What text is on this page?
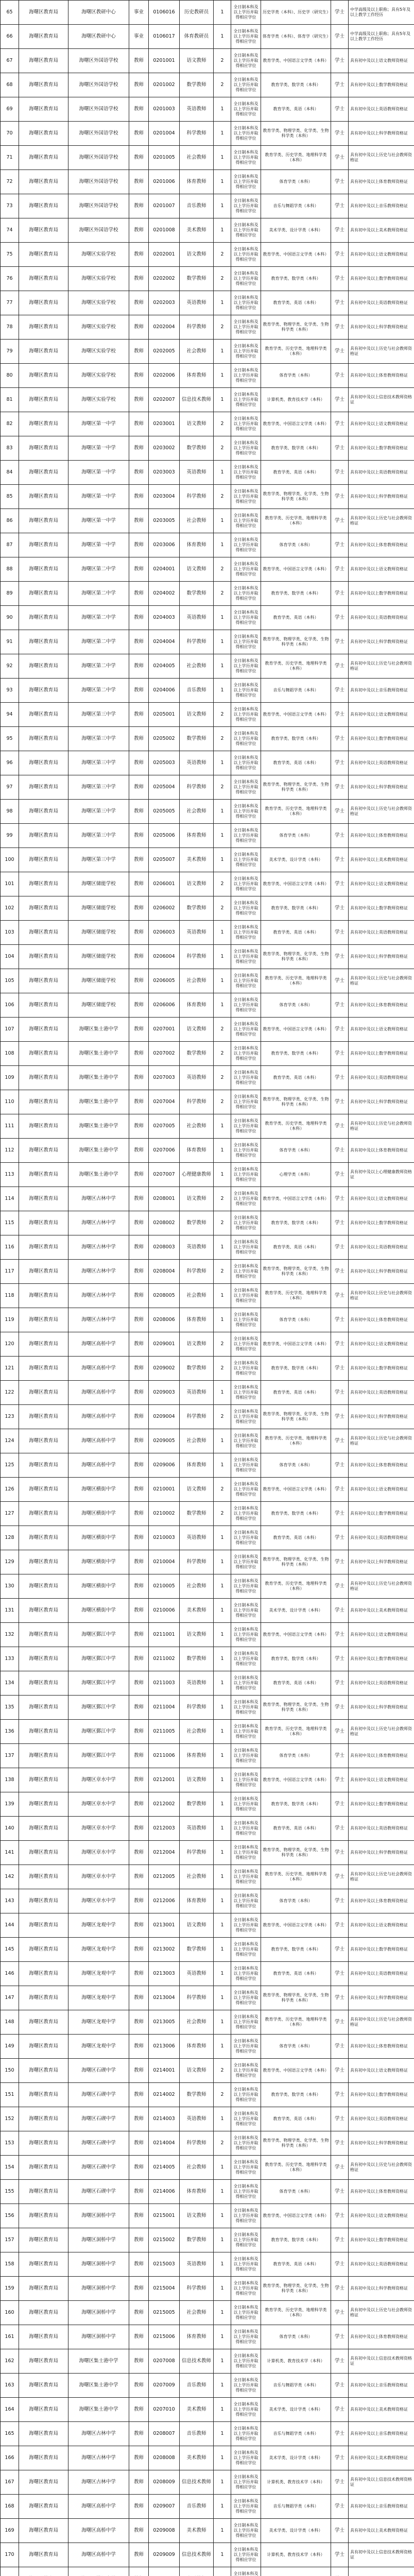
65	海曙区教育局	海曙区教研中心	事业	0106016	历史教研员	1	全日制本科及以上学历并取得相应学位	历史学类（本科）、历史学（研究生）	学士	中学高级及以上职称；具有5年及以上教学工作经历
66	海曙区教育局	海曙区教研中心	事业	0106017	体育教研员	1	全日制本科及以上学历并取得相应学位	体育学类（本科）、体育学（研究生）	学士	中学高级及以上职称；具有5年及以上教学工作经历
67	海曙区教育局	海曙区外国语学校	教师	0201001	语文教师	2	全日制本科及以上学历并取得相应学位	教育学类、中国语言文学类（本科）	学士	具有初中及以上语文教师资格证
68	海曙区教育局	海曙区外国语学校	教师	0201002	数学教师	2	全日制本科及以上学历并取得相应学位	教育学类、数学类（本科）	学士	具有初中及以上数学教师资格证
69	海曙区教育局	海曙区外国语学校	教师	0201003	英语教师	1	全日制本科及以上学历并取得相应学位	教育学类、英语（本科）	学士	具有初中及以上英语教师资格证
70	海曙区教育局	海曙区外国语学校	教师	0201004	科学教师	1	全日制本科及以上学历并取得相应学位	教育学类、物理学类、化学类、生物科学类（本科）	学士	具有初中及以上科学教师资格证
71	海曙区教育局	海曙区外国语学校	教师	0201005	社会教师	1	全日制本科及以上学历并取得相应学位	教育学类、历史学类、地理科学类（本科）	学士	具有初中及以上历史与社会教师资格证
72	海曙区教育局	海曙区外国语学校	教师	0201006	体育教师	1	全日制本科及以上学历并取得相应学位	体育学类（本科）	学士	具有初中及以上体育教师资格证
73	海曙区教育局	海曙区外国语学校	教师	0201007	音乐教师	1	全日制本科及以上学历并取得相应学位	音乐与舞蹈学类（本科）	学士	具有初中及以上音乐教师资格证
74	海曙区教育局	海曙区外国语学校	教师	0201008	美术教师	1	全日制本科及以上学历并取得相应学位	美术学类、设计学类（本科）	学士	具有初中及以上美术教师资格证
75	海曙区教育局	海曙区实验学校	教师	0202001	语文教师	2	全日制本科及以上学历并取得相应学位	教育学类、中国语言文学类（本科）	学士	具有初中及以上语文教师资格证
76	海曙区教育局	海曙区实验学校	教师	0202002	数学教师	2	全日制本科及以上学历并取得相应学位	教育学类、数学类（本科）	学士	具有初中及以上数学教师资格证
77	海曙区教育局	海曙区实验学校	教师	0202003	英语教师	1	全日制本科及以上学历并取得相应学位	教育学类、英语（本科）	学士	具有初中及以上英语教师资格证
78	海曙区教育局	海曙区实验学校	教师	0202004	科学教师	2	全日制本科及以上学历并取得相应学位	教育学类、物理学类、化学类、生物科学类（本科）	学士	具有初中及以上科学教师资格证
79	海曙区教育局	海曙区实验学校	教师	0202005	社会教师	1	全日制本科及以上学历并取得相应学位	教育学类、历史学类、地理科学类（本科）	学士	具有初中及以上历史与社会教师资格证
80	海曙区教育局	海曙区实验学校	教师	0202006	体育教师	1	全日制本科及以上学历并取得相应学位	体育学类（本科）	学士	具有初中及以上体育教师资格证
81	海曙区教育局	海曙区实验学校	教师	0202007	信息技术教师	1	全日制本科及以上学历并取得相应学位	计算机类、教育技术学（本科）	学士	具有初中及以上信息技术教师资格证
82	海曙区教育局	海曙区第一中学	教师	0203001	语文教师	2	全日制本科及以上学历并取得相应学位	教育学类、中国语言文学类（本科）	学士	具有初中及以上语文教师资格证
83	海曙区教育局	海曙区第一中学	教师	0203002	数学教师	2	全日制本科及以上学历并取得相应学位	教育学类、数学类（本科）	学士	具有初中及以上数学教师资格证
84	海曙区教育局	海曙区第一中学	教师	0203003	英语教师	1	全日制本科及以上学历并取得相应学位	教育学类、英语（本科）	学士	具有初中及以上英语教师资格证
85	海曙区教育局	海曙区第一中学	教师	0203004	科学教师	2	全日制本科及以上学历并取得相应学位	教育学类、物理学类、化学类、生物科学类（本科）	学士	具有初中及以上科学教师资格证
86	海曙区教育局	海曙区第一中学	教师	0203005	社会教师	1	全日制本科及以上学历并取得相应学位	教育学类、历史学类、地理科学类（本科）	学士	具有初中及以上历史与社会教师资格证
87	海曙区教育局	海曙区第一中学	教师	0203006	体育教师	1	全日制本科及以上学历并取得相应学位	体育学类（本科）	学士	具有初中及以上体育教师资格证
88	海曙区教育局	海曙区第二中学	教师	0204001	语文教师	2	全日制本科及以上学历并取得相应学位	教育学类、中国语言文学类（本科）	学士	具有初中及以上语文教师资格证
89	海曙区教育局	海曙区第二中学	教师	0204002	数学教师	2	全日制本科及以上学历并取得相应学位	教育学类、数学类（本科）	学士	具有初中及以上数学教师资格证
90	海曙区教育局	海曙区第二中学	教师	0204003	英语教师	1	全日制本科及以上学历并取得相应学位	教育学类、英语（本科）	学士	具有初中及以上英语教师资格证
91	海曙区教育局	海曙区第二中学	教师	0204004	科学教师	1	全日制本科及以上学历并取得相应学位	教育学类、物理学类、化学类、生物科学类（本科）	学士	具有初中及以上科学教师资格证
92	海曙区教育局	海曙区第二中学	教师	0204005	社会教师	1	全日制本科及以上学历并取得相应学位	教育学类、历史学类、地理科学类（本科）	学士	具有初中及以上历史与社会教师资格证
93	海曙区教育局	海曙区第二中学	教师	0204006	音乐教师	1	全日制本科及以上学历并取得相应学位	音乐与舞蹈学类（本科）	学士	具有初中及以上音乐教师资格证
94	海曙区教育局	海曙区第三中学	教师	0205001	语文教师	2	全日制本科及以上学历并取得相应学位	教育学类、中国语言文学类（本科）	学士	具有初中及以上语文教师资格证
95	海曙区教育局	海曙区第三中学	教师	0205002	数学教师	2	全日制本科及以上学历并取得相应学位	教育学类、数学类（本科）	学士	具有初中及以上数学教师资格证
96	海曙区教育局	海曙区第三中学	教师	0205003	英语教师	1	全日制本科及以上学历并取得相应学位	教育学类、英语（本科）	学士	具有初中及以上英语教师资格证
97	海曙区教育局	海曙区第三中学	教师	0205004	科学教师	2	全日制本科及以上学历并取得相应学位	教育学类、物理学类、化学类、生物科学类（本科）	学士	具有初中及以上科学教师资格证
98	海曙区教育局	海曙区第三中学	教师	0205005	社会教师	1	全日制本科及以上学历并取得相应学位	教育学类、历史学类、地理科学类（本科）	学士	具有初中及以上历史与社会教师资格证
99	海曙区教育局	海曙区第三中学	教师	0205006	体育教师	1	全日制本科及以上学历并取得相应学位	体育学类（本科）	学士	具有初中及以上体育教师资格证
100	海曙区教育局	海曙区第三中学	教师	0205007	美术教师	1	全日制本科及以上学历并取得相应学位	美术学类、设计学类（本科）	学士	具有初中及以上美术教师资格证
101	海曙区教育局	海曙区储能学校	教师	0206001	语文教师	2	全日制本科及以上学历并取得相应学位	教育学类、中国语言文学类（本科）	学士	具有初中及以上语文教师资格证
102	海曙区教育局	海曙区储能学校	教师	0206002	数学教师	2	全日制本科及以上学历并取得相应学位	教育学类、数学类（本科）	学士	具有初中及以上数学教师资格证
103	海曙区教育局	海曙区储能学校	教师	0206003	英语教师	1	全日制本科及以上学历并取得相应学位	教育学类、英语（本科）	学士	具有初中及以上英语教师资格证
104	海曙区教育局	海曙区储能学校	教师	0206004	科学教师	1	全日制本科及以上学历并取得相应学位	教育学类、物理学类、化学类、生物科学类（本科）	学士	具有初中及以上科学教师资格证
105	海曙区教育局	海曙区储能学校	教师	0206005	社会教师	1	全日制本科及以上学历并取得相应学位	教育学类、历史学类、地理科学类（本科）	学士	具有初中及以上历史与社会教师资格证
106	海曙区教育局	海曙区储能学校	教师	0206006	体育教师	1	全日制本科及以上学历并取得相应学位	体育学类（本科）	学士	具有初中及以上体育教师资格证
107	海曙区教育局	海曙区集士港中学	教师	0207001	语文教师	2	全日制本科及以上学历并取得相应学位	教育学类、中国语言文学类（本科）	学士	具有初中及以上语文教师资格证
108	海曙区教育局	海曙区集士港中学	教师	0207002	数学教师	2	全日制本科及以上学历并取得相应学位	教育学类、数学类（本科）	学士	具有初中及以上数学教师资格证
109	海曙区教育局	海曙区集士港中学	教师	0207003	英语教师	2	全日制本科及以上学历并取得相应学位	教育学类、英语（本科）	学士	具有初中及以上英语教师资格证
110	海曙区教育局	海曙区集士港中学	教师	0207004	科学教师	2	全日制本科及以上学历并取得相应学位	教育学类、物理学类、化学类、生物科学类（本科）	学士	具有初中及以上科学教师资格证
111	海曙区教育局	海曙区集士港中学	教师	0207005	社会教师	1	全日制本科及以上学历并取得相应学位	教育学类、历史学类、地理科学类（本科）	学士	具有初中及以上历史与社会教师资格证
112	海曙区教育局	海曙区集士港中学	教师	0207006	体育教师	1	全日制本科及以上学历并取得相应学位	体育学类（本科）	学士	具有初中及以上体育教师资格证
113	海曙区教育局	海曙区集士港中学	教师	0207007	心理健康教师	1	全日制本科及以上学历并取得相应学位	心理学类（本科）	学士	具有初中及以上心理健康教师资格证
114	海曙区教育局	海曙区古林中学	教师	0208001	语文教师	2	全日制本科及以上学历并取得相应学位	教育学类、中国语言文学类（本科）	学士	具有初中及以上语文教师资格证
115	海曙区教育局	海曙区古林中学	教师	0208002	数学教师	2	全日制本科及以上学历并取得相应学位	教育学类、数学类（本科）	学士	具有初中及以上数学教师资格证
116	海曙区教育局	海曙区古林中学	教师	0208003	英语教师	1	全日制本科及以上学历并取得相应学位	教育学类、英语（本科）	学士	具有初中及以上英语教师资格证
117	海曙区教育局	海曙区古林中学	教师	0208004	科学教师	2	全日制本科及以上学历并取得相应学位	教育学类、物理学类、化学类、生物科学类（本科）	学士	具有初中及以上科学教师资格证
118	海曙区教育局	海曙区古林中学	教师	0208005	社会教师	1	全日制本科及以上学历并取得相应学位	教育学类、历史学类、地理科学类（本科）	学士	具有初中及以上历史与社会教师资格证
119	海曙区教育局	海曙区古林中学	教师	0208006	体育教师	1	全日制本科及以上学历并取得相应学位	体育学类（本科）	学士	具有初中及以上体育教师资格证
120	海曙区教育局	海曙区高桥中学	教师	0209001	语文教师	2	全日制本科及以上学历并取得相应学位	教育学类、中国语言文学类（本科）	学士	具有初中及以上语文教师资格证
121	海曙区教育局	海曙区高桥中学	教师	0209002	数学教师	2	全日制本科及以上学历并取得相应学位	教育学类、数学类（本科）	学士	具有初中及以上数学教师资格证
122	海曙区教育局	海曙区高桥中学	教师	0209003	英语教师	1	全日制本科及以上学历并取得相应学位	教育学类、英语（本科）	学士	具有初中及以上英语教师资格证
123	海曙区教育局	海曙区高桥中学	教师	0209004	科学教师	2	全日制本科及以上学历并取得相应学位	教育学类、物理学类、化学类、生物科学类（本科）	学士	具有初中及以上科学教师资格证
124	海曙区教育局	海曙区高桥中学	教师	0209005	社会教师	1	全日制本科及以上学历并取得相应学位	教育学类、历史学类、地理科学类（本科）	学士	具有初中及以上历史与社会教师资格证
125	海曙区教育局	海曙区高桥中学	教师	0209006	体育教师	1	全日制本科及以上学历并取得相应学位	体育学类（本科）	学士	具有初中及以上体育教师资格证
126	海曙区教育局	海曙区横街中学	教师	0210001	语文教师	2	全日制本科及以上学历并取得相应学位	教育学类、中国语言文学类（本科）	学士	具有初中及以上语文教师资格证
127	海曙区教育局	海曙区横街中学	教师	0210002	数学教师	2	全日制本科及以上学历并取得相应学位	教育学类、数学类（本科）	学士	具有初中及以上数学教师资格证
128	海曙区教育局	海曙区横街中学	教师	0210003	英语教师	1	全日制本科及以上学历并取得相应学位	教育学类、英语（本科）	学士	具有初中及以上英语教师资格证
129	海曙区教育局	海曙区横街中学	教师	0210004	科学教师	1	全日制本科及以上学历并取得相应学位	教育学类、物理学类、化学类、生物科学类（本科）	学士	具有初中及以上科学教师资格证
130	海曙区教育局	海曙区横街中学	教师	0210005	社会教师	1	全日制本科及以上学历并取得相应学位	教育学类、历史学类、地理科学类（本科）	学士	具有初中及以上历史与社会教师资格证
131	海曙区教育局	海曙区横街中学	教师	0210006	美术教师	1	全日制本科及以上学历并取得相应学位	美术学类、设计学类（本科）	学士	具有初中及以上美术教师资格证
132	海曙区教育局	海曙区鄞江中学	教师	0211001	语文教师	1	全日制本科及以上学历并取得相应学位	教育学类、中国语言文学类（本科）	学士	具有初中及以上语文教师资格证
133	海曙区教育局	海曙区鄞江中学	教师	0211002	数学教师	1	全日制本科及以上学历并取得相应学位	教育学类、数学类（本科）	学士	具有初中及以上数学教师资格证
134	海曙区教育局	海曙区鄞江中学	教师	0211003	英语教师	1	全日制本科及以上学历并取得相应学位	教育学类、英语（本科）	学士	具有初中及以上英语教师资格证
135	海曙区教育局	海曙区鄞江中学	教师	0211004	科学教师	1	全日制本科及以上学历并取得相应学位	教育学类、物理学类、化学类、生物科学类（本科）	学士	具有初中及以上科学教师资格证
136	海曙区教育局	海曙区鄞江中学	教师	0211005	社会教师	1	全日制本科及以上学历并取得相应学位	教育学类、历史学类、地理科学类（本科）	学士	具有初中及以上历史与社会教师资格证
137	海曙区教育局	海曙区鄞江中学	教师	0211006	体育教师	1	全日制本科及以上学历并取得相应学位	体育学类（本科）	学士	具有初中及以上体育教师资格证
138	海曙区教育局	海曙区章水中学	教师	0212001	语文教师	1	全日制本科及以上学历并取得相应学位	教育学类、中国语言文学类（本科）	学士	具有初中及以上语文教师资格证
139	海曙区教育局	海曙区章水中学	教师	0212002	数学教师	1	全日制本科及以上学历并取得相应学位	教育学类、数学类（本科）	学士	具有初中及以上数学教师资格证
140	海曙区教育局	海曙区章水中学	教师	0212003	英语教师	1	全日制本科及以上学历并取得相应学位	教育学类、英语（本科）	学士	具有初中及以上英语教师资格证
141	海曙区教育局	海曙区章水中学	教师	0212004	科学教师	1	全日制本科及以上学历并取得相应学位	教育学类、物理学类、化学类、生物科学类（本科）	学士	具有初中及以上科学教师资格证
142	海曙区教育局	海曙区章水中学	教师	0212005	社会教师	1	全日制本科及以上学历并取得相应学位	教育学类、历史学类、地理科学类（本科）	学士	具有初中及以上历史与社会教师资格证
143	海曙区教育局	海曙区章水中学	教师	0212006	体育教师	1	全日制本科及以上学历并取得相应学位	体育学类（本科）	学士	具有初中及以上体育教师资格证
144	海曙区教育局	海曙区龙观中学	教师	0213001	语文教师	1	全日制本科及以上学历并取得相应学位	教育学类、中国语言文学类（本科）	学士	具有初中及以上语文教师资格证
145	海曙区教育局	海曙区龙观中学	教师	0213002	数学教师	1	全日制本科及以上学历并取得相应学位	教育学类、数学类（本科）	学士	具有初中及以上数学教师资格证
146	海曙区教育局	海曙区龙观中学	教师	0213003	英语教师	1	全日制本科及以上学历并取得相应学位	教育学类、英语（本科）	学士	具有初中及以上英语教师资格证
147	海曙区教育局	海曙区龙观中学	教师	0213004	科学教师	1	全日制本科及以上学历并取得相应学位	教育学类、物理学类、化学类、生物科学类（本科）	学士	具有初中及以上科学教师资格证
148	海曙区教育局	海曙区龙观中学	教师	0213005	社会教师	1	全日制本科及以上学历并取得相应学位	教育学类、历史学类、地理科学类（本科）	学士	具有初中及以上历史与社会教师资格证
149	海曙区教育局	海曙区龙观中学	教师	0213006	体育教师	1	全日制本科及以上学历并取得相应学位	体育学类（本科）	学士	具有初中及以上体育教师资格证
150	海曙区教育局	海曙区石碶中学	教师	0214001	语文教师	2	全日制本科及以上学历并取得相应学位	教育学类、中国语言文学类（本科）	学士	具有初中及以上语文教师资格证
151	海曙区教育局	海曙区石碶中学	教师	0214002	数学教师	2	全日制本科及以上学历并取得相应学位	教育学类、数学类（本科）	学士	具有初中及以上数学教师资格证
152	海曙区教育局	海曙区石碶中学	教师	0214003	英语教师	1	全日制本科及以上学历并取得相应学位	教育学类、英语（本科）	学士	具有初中及以上英语教师资格证
153	海曙区教育局	海曙区石碶中学	教师	0214004	科学教师	2	全日制本科及以上学历并取得相应学位	教育学类、物理学类、化学类、生物科学类（本科）	学士	具有初中及以上科学教师资格证
154	海曙区教育局	海曙区石碶中学	教师	0214005	社会教师	1	全日制本科及以上学历并取得相应学位	教育学类、历史学类、地理科学类（本科）	学士	具有初中及以上历史与社会教师资格证
155	海曙区教育局	海曙区石碶中学	教师	0214006	体育教师	1	全日制本科及以上学历并取得相应学位	体育学类（本科）	学士	具有初中及以上体育教师资格证
156	海曙区教育局	海曙区洞桥中学	教师	0215001	语文教师	1	全日制本科及以上学历并取得相应学位	教育学类、中国语言文学类（本科）	学士	具有初中及以上语文教师资格证
157	海曙区教育局	海曙区洞桥中学	教师	0215002	数学教师	1	全日制本科及以上学历并取得相应学位	教育学类、数学类（本科）	学士	具有初中及以上数学教师资格证
158	海曙区教育局	海曙区洞桥中学	教师	0215003	英语教师	1	全日制本科及以上学历并取得相应学位	教育学类、英语（本科）	学士	具有初中及以上英语教师资格证
159	海曙区教育局	海曙区洞桥中学	教师	0215004	科学教师	1	全日制本科及以上学历并取得相应学位	教育学类、物理学类、化学类、生物科学类（本科）	学士	具有初中及以上科学教师资格证
160	海曙区教育局	海曙区洞桥中学	教师	0215005	社会教师	1	全日制本科及以上学历并取得相应学位	教育学类、历史学类、地理科学类（本科）	学士	具有初中及以上历史与社会教师资格证
161	海曙区教育局	海曙区洞桥中学	教师	0215006	体育教师	1	全日制本科及以上学历并取得相应学位	体育学类（本科）	学士	具有初中及以上体育教师资格证
162	海曙区教育局	海曙区集士港中学	教师	0207008	信息技术教师	1	全日制本科及以上学历并取得相应学位	计算机类、教育技术学（本科）	学士	具有初中及以上信息技术教师资格证
163	海曙区教育局	海曙区集士港中学	教师	0207009	音乐教师	1	全日制本科及以上学历并取得相应学位	音乐与舞蹈学类（本科）	学士	具有初中及以上音乐教师资格证
164	海曙区教育局	海曙区集士港中学	教师	0207010	美术教师	1	全日制本科及以上学历并取得相应学位	美术学类、设计学类（本科）	学士	具有初中及以上美术教师资格证
165	海曙区教育局	海曙区古林中学	教师	0208007	音乐教师	1	全日制本科及以上学历并取得相应学位	音乐与舞蹈学类（本科）	学士	具有初中及以上音乐教师资格证
166	海曙区教育局	海曙区古林中学	教师	0208008	美术教师	1	全日制本科及以上学历并取得相应学位	美术学类、设计学类（本科）	学士	具有初中及以上美术教师资格证
167	海曙区教育局	海曙区古林中学	教师	0208009	信息技术教师	1	全日制本科及以上学历并取得相应学位	计算机类、教育技术学（本科）	学士	具有初中及以上信息技术教师资格证
168	海曙区教育局	海曙区高桥中学	教师	0209007	音乐教师	1	全日制本科及以上学历并取得相应学位	音乐与舞蹈学类（本科）	学士	具有初中及以上音乐教师资格证
169	海曙区教育局	海曙区高桥中学	教师	0209008	美术教师	1	全日制本科及以上学历并取得相应学位	美术学类、设计学类（本科）	学士	具有初中及以上美术教师资格证
170	海曙区教育局	海曙区高桥中学	教师	0209009	信息技术教师	1	全日制本科及以上学历并取得相应学位	计算机类、教育技术学（本科）	学士	具有初中及以上信息技术教师资格证
							全日制本科及			
